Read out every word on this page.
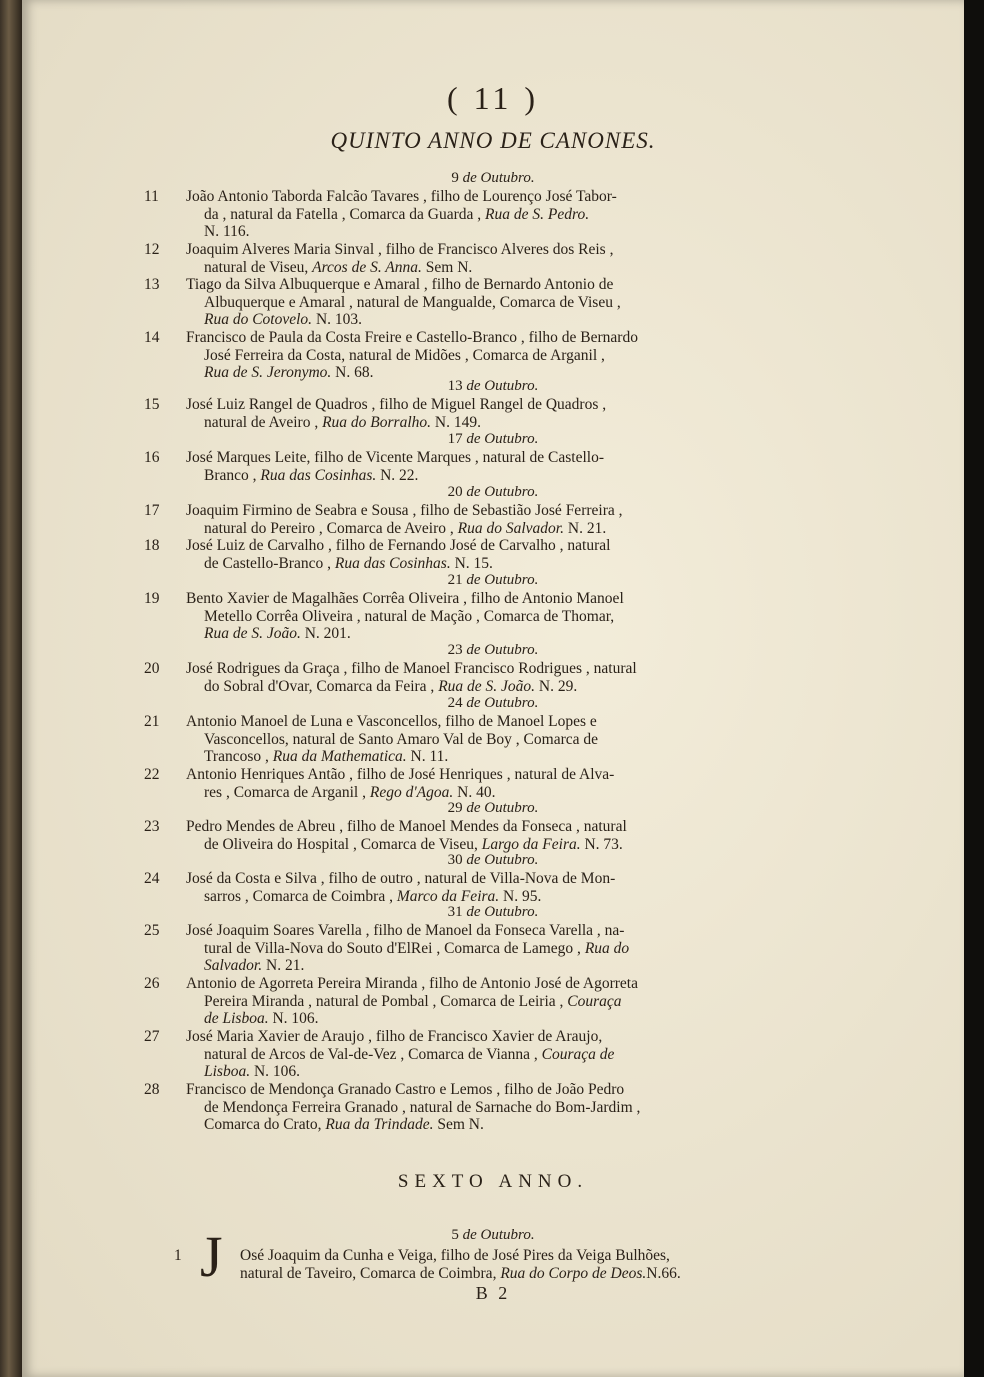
( 11 )
QUINTO ANNO DE CANONES.
9 de Outubro.
11	João Antonio Taborda Falcão Tavares , filho de Lourenço José Tabor-
da , natural da Fatella , Comarca da Guarda , Rua de S. Pedro.
N. 116.
12	Joaquim Alveres Maria Sinval , filho de Francisco Alveres dos Reis ,
natural de Viseu, Arcos de S. Anna. Sem N.
13	Tiago da Silva Albuquerque e Amaral , filho de Bernardo Antonio de
Albuquerque e Amaral , natural de Mangualde, Comarca de Viseu ,
Rua do Cotovelo. N. 103.
14	Francisco de Paula da Costa Freire e Castello-Branco , filho de Bernardo
José Ferreira da Costa, natural de Midões , Comarca de Arganil ,
Rua de S. Jeronymo. N. 68.
13 de Outubro.
15	José Luiz Rangel de Quadros , filho de Miguel Rangel de Quadros ,
natural de Aveiro , Rua do Borralho. N. 149.
17 de Outubro.
16	José Marques Leite, filho de Vicente Marques , natural de Castello-
Branco , Rua das Cosinhas. N. 22.
20 de Outubro.
17	Joaquim Firmino de Seabra e Sousa , filho de Sebastião José Ferreira ,
natural do Pereiro , Comarca de Aveiro , Rua do Salvador. N. 21.
18	José Luiz de Carvalho , filho de Fernando José de Carvalho , natural
de Castello-Branco , Rua das Cosinhas. N. 15.
21 de Outubro.
19	Bento Xavier de Magalhães Corrêa Oliveira , filho de Antonio Manoel
Metello Corrêa Oliveira , natural de Mação , Comarca de Thomar,
Rua de S. João. N. 201.
23 de Outubro.
20	José Rodrigues da Graça , filho de Manoel Francisco Rodrigues , natural
do Sobral d'Ovar, Comarca da Feira , Rua de S. João. N. 29.
24 de Outubro.
21	Antonio Manoel de Luna e Vasconcellos, filho de Manoel Lopes e
Vasconcellos, natural de Santo Amaro Val de Boy , Comarca de
Trancoso , Rua da Mathematica. N. 11.
22	Antonio Henriques Antão , filho de José Henriques , natural de Alva-
res , Comarca de Arganil , Rego d'Agoa. N. 40.
29 de Outubro.
23	Pedro Mendes de Abreu , filho de Manoel Mendes da Fonseca , natural
de Oliveira do Hospital , Comarca de Viseu, Largo da Feira. N. 73.
30 de Outubro.
24	José da Costa e Silva , filho de outro , natural de Villa-Nova de Mon-
sarros , Comarca de Coimbra , Marco da Feira. N. 95.
31 de Outubro.
25	José Joaquim Soares Varella , filho de Manoel da Fonseca Varella , na-
tural de Villa-Nova do Souto d'ElRei , Comarca de Lamego , Rua do
Salvador. N. 21.
26	Antonio de Agorreta Pereira Miranda , filho de Antonio José de Agorreta
Pereira Miranda , natural de Pombal , Comarca de Leiria , Couraça
de Lisboa. N. 106.
27	José Maria Xavier de Araujo , filho de Francisco Xavier de Araujo,
natural de Arcos de Val-de-Vez , Comarca de Vianna , Couraça de
Lisboa. N. 106.
28	Francisco de Mendonça Granado Castro e Lemos , filho de João Pedro
de Mendonça Ferreira Granado , natural de Sarnache do Bom-Jardim ,
Comarca do Crato, Rua da Trindade. Sem N.
5 de Outubro.
1	Osé Joaquim da Cunha e Veiga, filho de José Pires da Veiga Bulhões,
natural de Taveiro, Comarca de Coimbra, Rua do Corpo de Deos.N.66.
SEXTO ANNO.
J
B 2
